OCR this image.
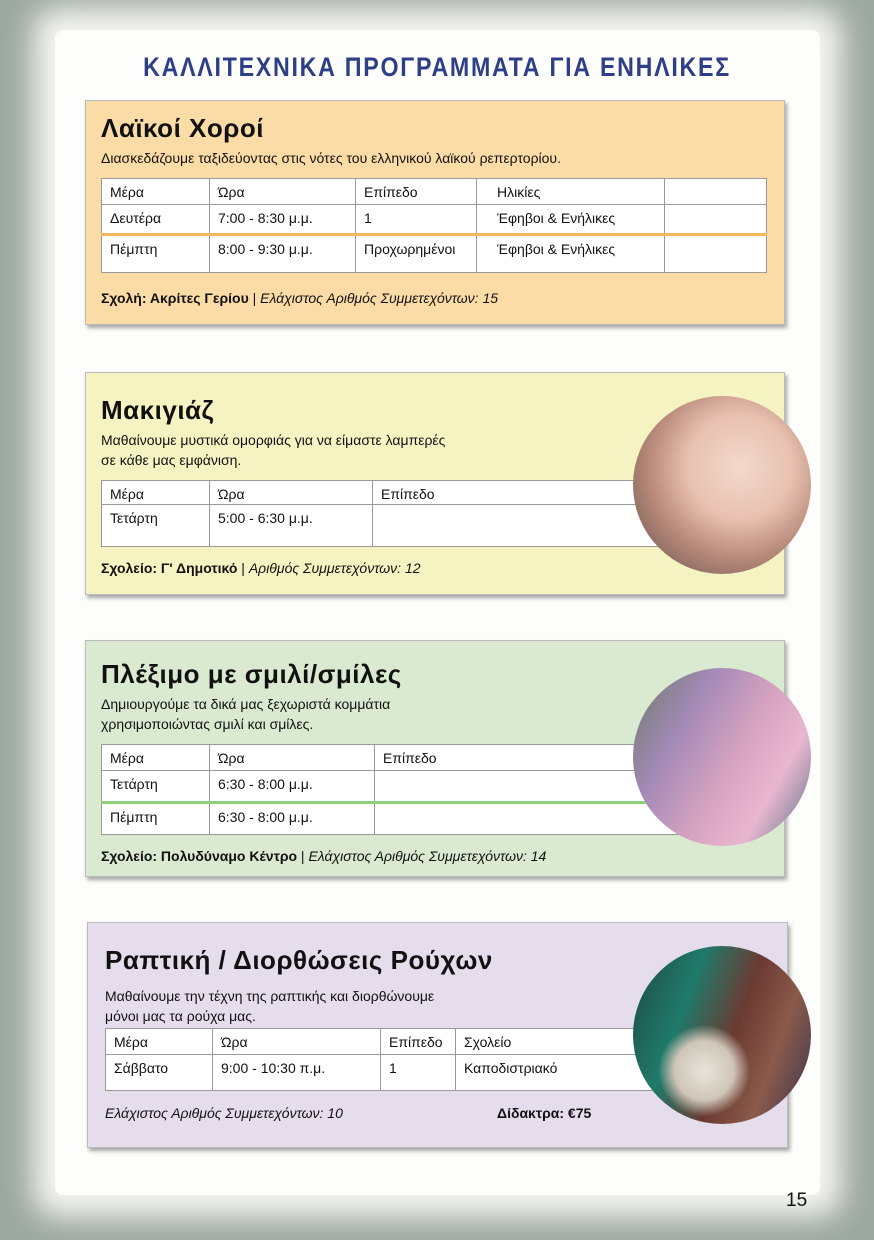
ΚΑΛΛΙΤΕΧΝΙΚΑ ΠΡΟΓΡΑΜΜΑΤΑ ΓΙΑ ΕΝΗΛΙΚΕΣ
Λαϊκοί Χοροί
Διασκεδάζουμε ταξιδεύοντας στις νότες του ελληνικού λαϊκού ρεπερτορίου.
Μέρα	Ώρα	Επίπεδο	Ηλικίες	
Δευτέρα	7:00 - 8:30 μ.μ.	1	Έφηβοι & Ενήλικες	
Πέμπτη	8:00 - 9:30 μ.μ.	Προχωρημένοι	Έφηβοι & Ενήλικες	
Σχολή: Ακρίτες Γερίου | Ελάχιστος Αριθμός Συμμετεχόντων: 15
Μακιγιάζ
Μαθαίνουμε μυστικά ομορφιάς για να είμαστε λαμπερές
σε κάθε μας εμφάνιση.
Μέρα	Ώρα	Επίπεδο
Τετάρτη	5:00 - 6:30 μ.μ.	
Σχολείο: Γ' Δημοτικό | Αριθμός Συμμετεχόντων: 12
Πλέξιμο με σμιλί/σμίλες
Δημιουργούμε τα δικά μας ξεχωριστά κομμάτια
χρησιμοποιώντας σμιλί και σμίλες.
Μέρα	Ώρα	Επίπεδο
Τετάρτη	6:30 - 8:00 μ.μ.	
Πέμπτη	6:30 - 8:00 μ.μ.	
Σχολείο: Πολυδύναμο Κέντρο | Ελάχιστος Αριθμός Συμμετεχόντων: 14
Ραπτική / Διορθώσεις Ρούχων
Μαθαίνουμε την τέχνη της ραπτικής και διορθώνουμε
μόνοι μας τα ρούχα μας.
Μέρα	Ώρα	Επίπεδο	Σχολείο
Σάββατο	9:00 - 10:30 π.μ.	1	Καποδιστριακό
Ελάχιστος Αριθμός Συμμετεχόντων: 10	Δίδακτρα: €75
15
